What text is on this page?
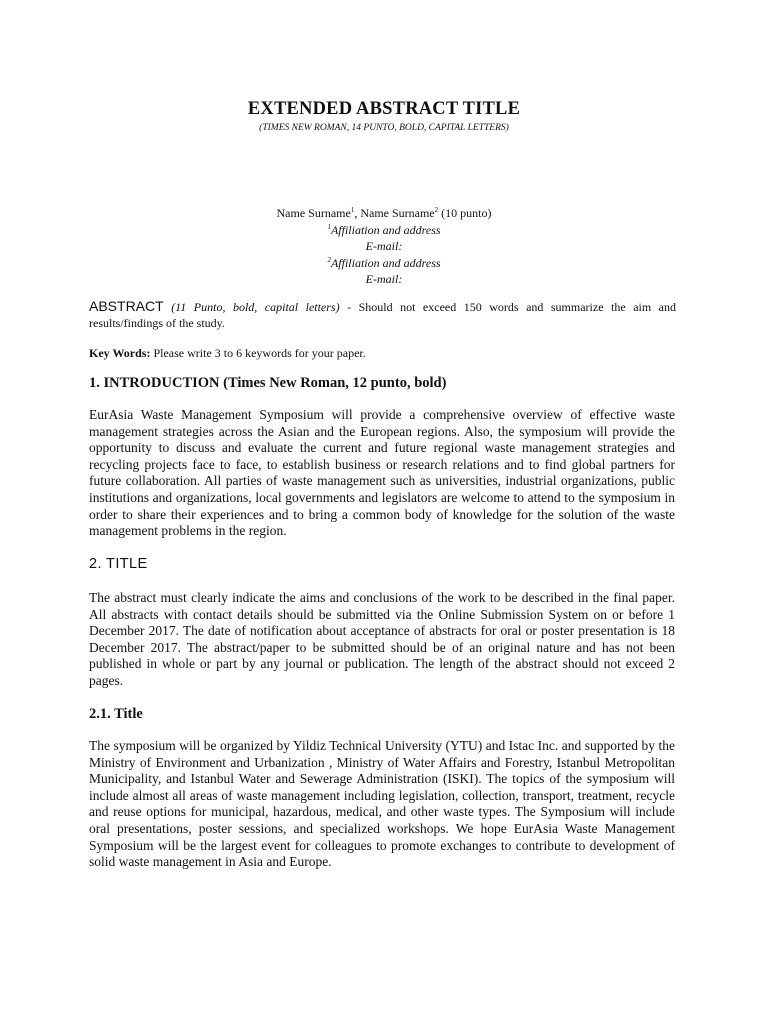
EXTENDED ABSTRACT TITLE
(TIMES NEW ROMAN, 14 PUNTO, BOLD, CAPITAL LETTERS)
Name Surname$^1$, Name Surname$^2$ (10 punto)
$^1$Affiliation and address
E-mail:
$^2$Affiliation and address
E-mail:
ABSTRACT (11 Punto, bold, capital letters) - Should not exceed 150 words and summarize the aim and results/findings of the study.
Key Words: Please write 3 to 6 keywords for your paper.
1. INTRODUCTION (Times New Roman, 12 punto, bold)

EurAsia Waste Management Symposium will provide a comprehensive overview of effective waste management strategies across the Asian and the European regions. Also, the symposium will provide the opportunity to discuss and evaluate the current and future regional waste management strategies and recycling projects face to face, to establish business or research relations and to find global partners for future collaboration. All parties of waste management such as universities, industrial organizations, public institutions and organizations, local governments and legislators are welcome to attend to the symposium in order to share their experiences and to bring a common body of knowledge for the solution of the waste management problems in the region.

2. TITLE

The abstract must clearly indicate the aims and conclusions of the work to be described in the final paper. All abstracts with contact details should be submitted via the Online Submission System on or before 1 December 2017. The date of notification about acceptance of abstracts for oral or poster presentation is 18 December 2017. The abstract/paper to be submitted should be of an original nature and has not been published in whole or part by any journal or publication. The length of the abstract should not exceed 2 pages.

2.1. Title

The symposium will be organized by Yildiz Technical University (YTU) and Istac Inc. and supported by the Ministry of Environment and Urbanization , Ministry of Water Affairs and Forestry, Istanbul Metropolitan Municipality, and Istanbul Water and Sewerage Administration (ISKI). The topics of the symposium will include almost all areas of waste management including legislation, collection, transport, treatment, recycle and reuse options for municipal, hazardous, medical, and other waste types. The Symposium will include oral presentations, poster sessions, and specialized workshops. We hope EurAsia Waste Management Symposium will be the largest event for colleagues to promote exchanges to contribute to development of solid waste management in Asia and Europe.
